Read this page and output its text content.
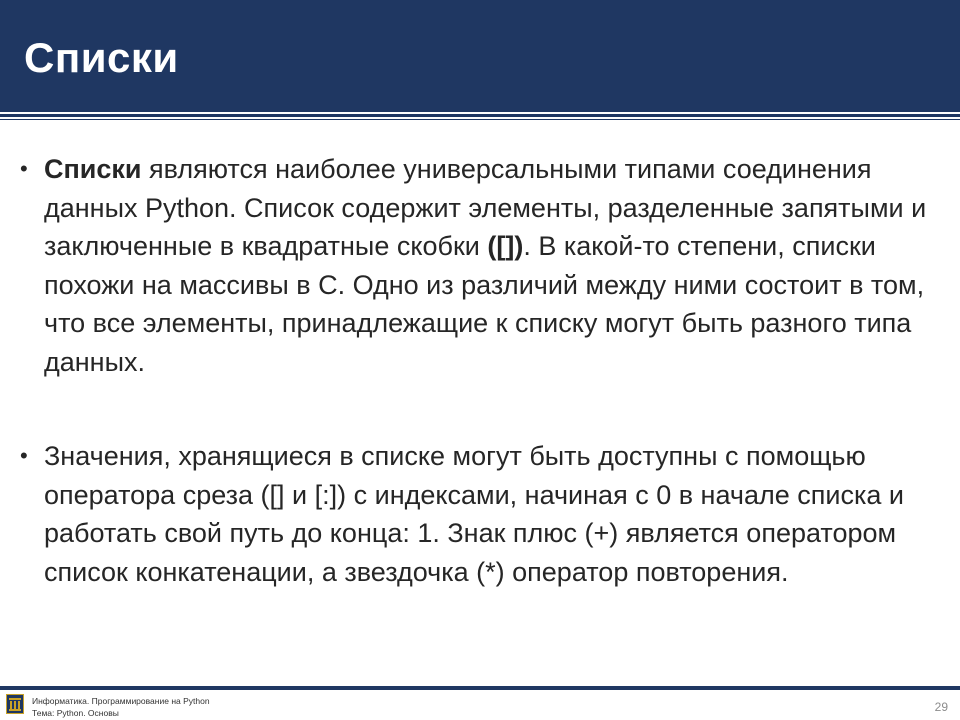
Списки
• Списки являются наиболее универсальными типами соединения данных Python. Список содержит элементы, разделенные запятыми и заключенные в квадратные скобки ([]). В какой-то степени, списки похожи на массивы в C. Одно из различий между ними состоит в том, что все элементы, принадлежащие к списку могут быть разного типа данных.
• Значения, хранящиеся в списке могут быть доступны с помощью оператора среза ([] и [:]) с индексами, начиная с 0 в начале списка и работать свой путь до конца: 1. Знак плюс (+) является оператором список конкатенации, а звездочка (*) оператор повторения.
Информатика. Программирование на Python
Тема: Python. Основы	29
